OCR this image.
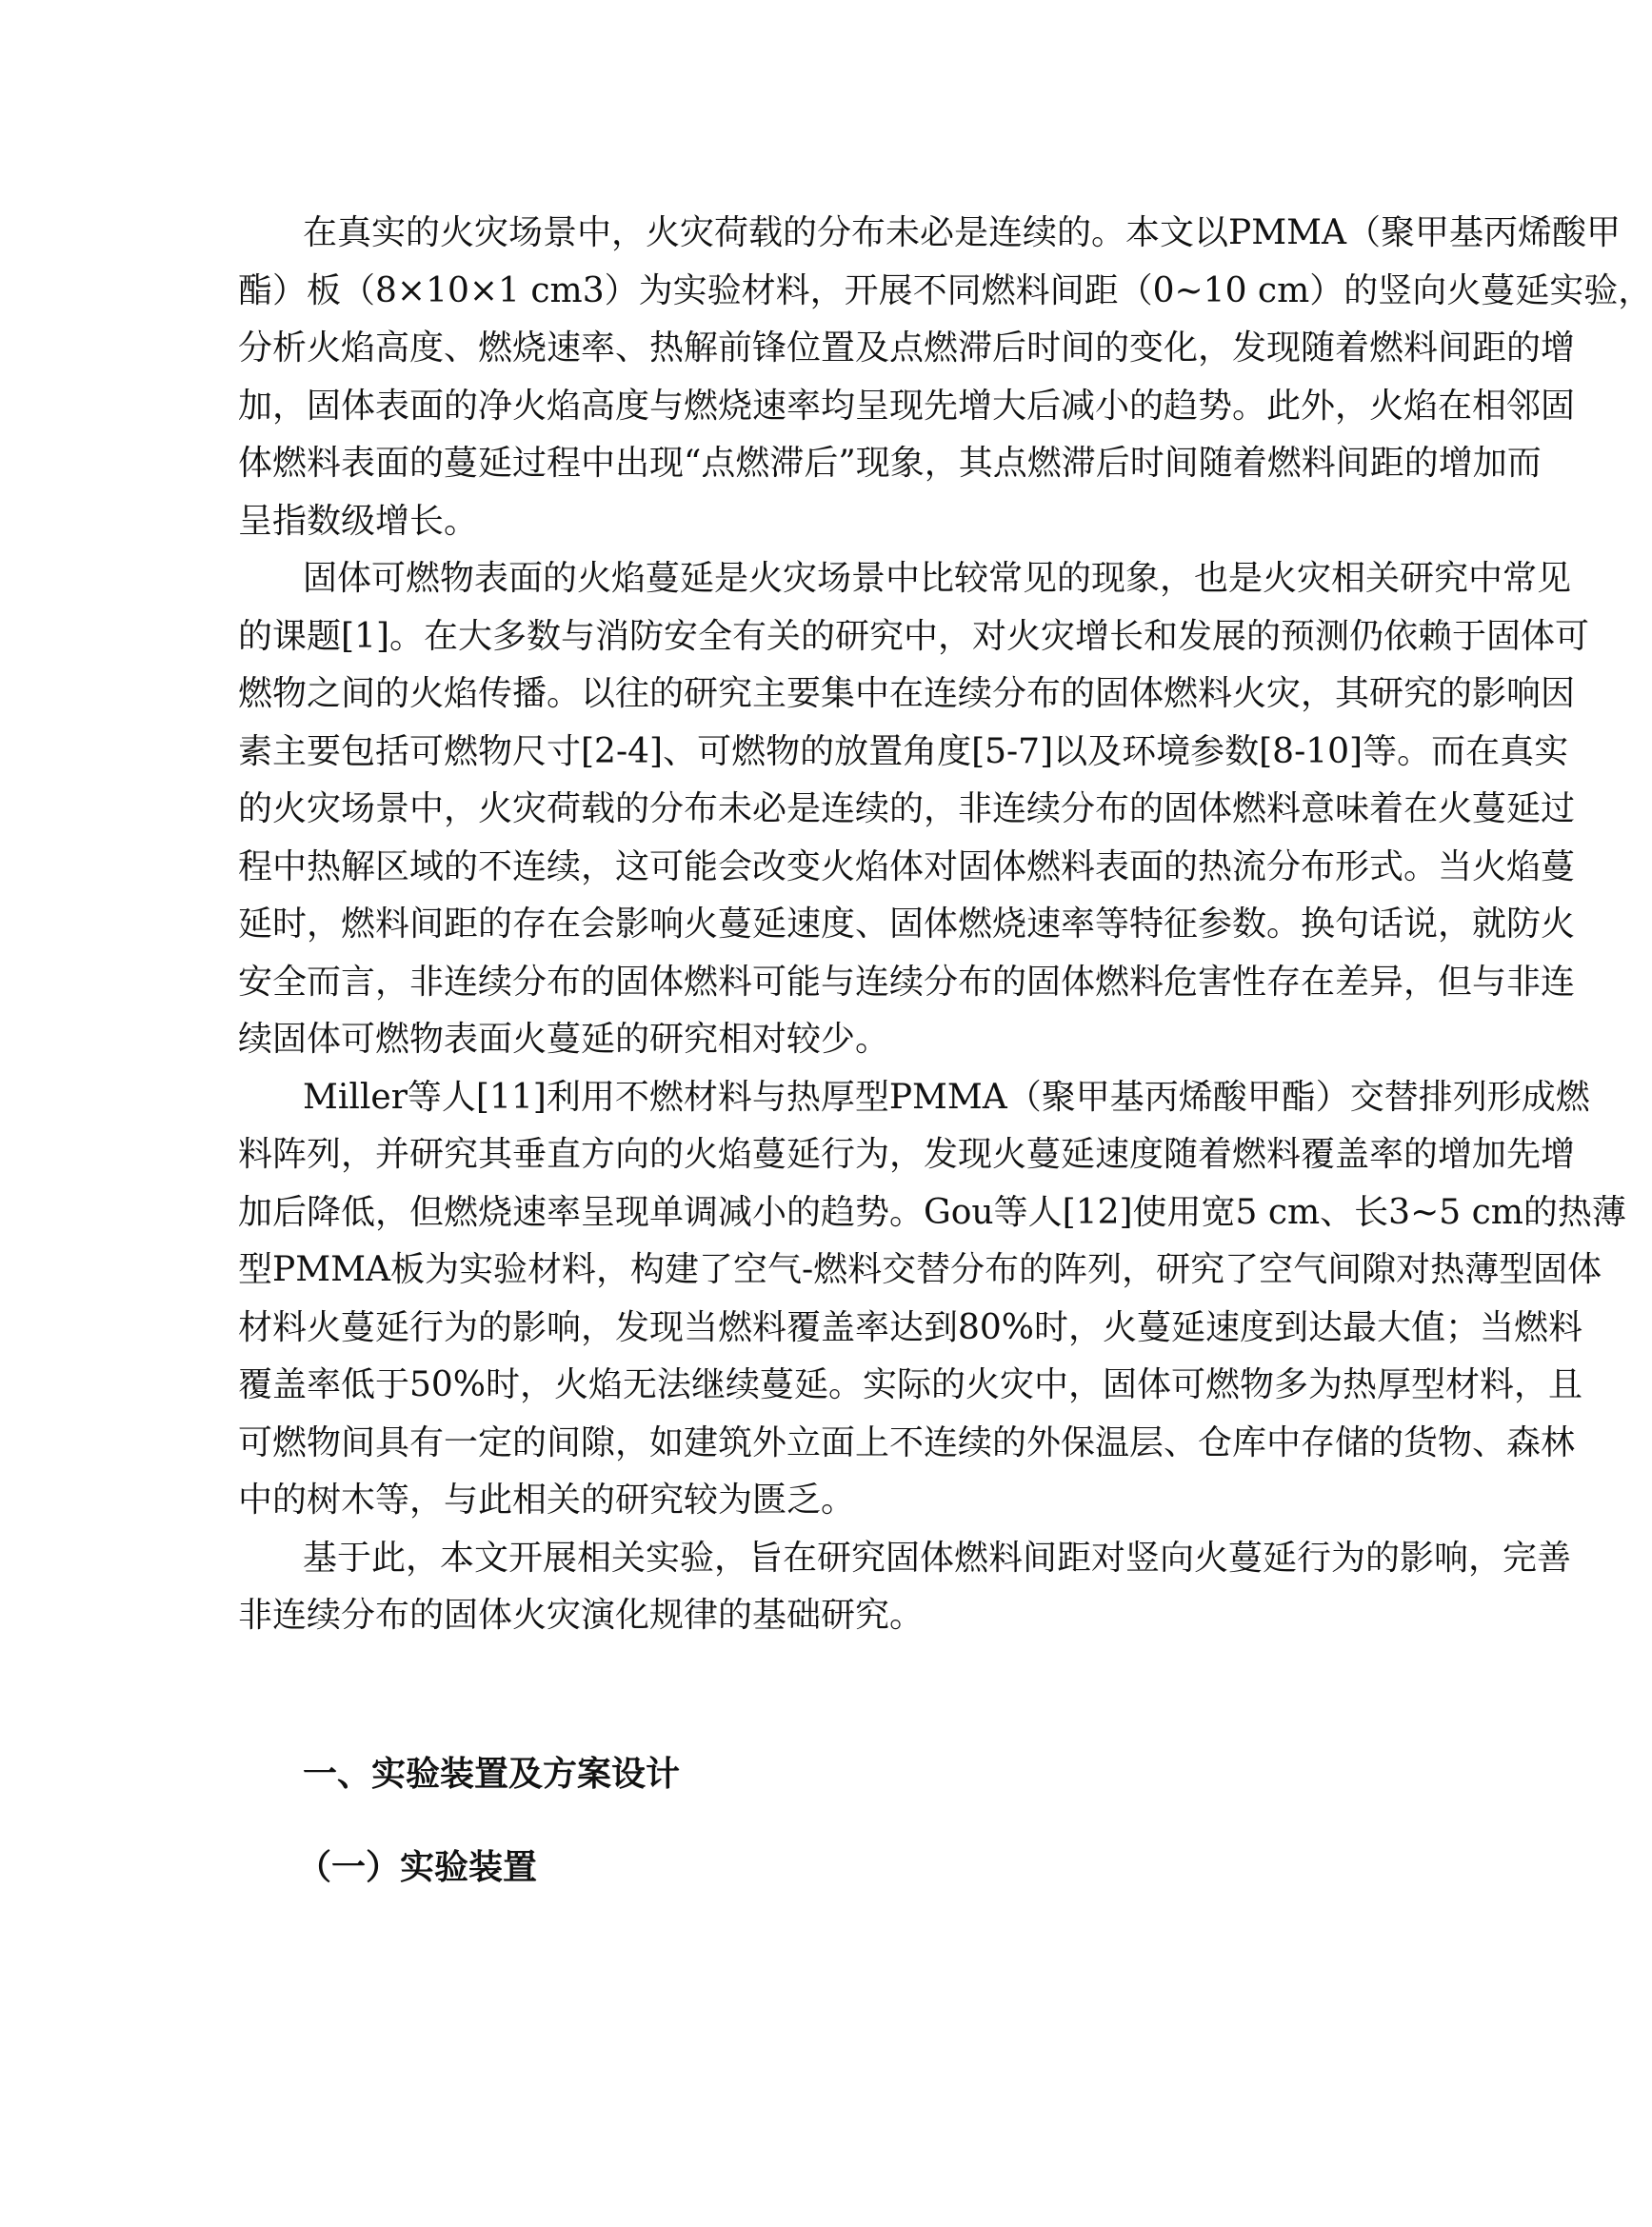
在真实的火灾场景中，火灾荷载的分布未必是连续的。本文以PMMA（聚甲基丙烯酸甲
酯）板（8×10×1 cm3）为实验材料，开展不同燃料间距（0~10 cm）的竖向火蔓延实验，
分析火焰高度、燃烧速率、热解前锋位置及点燃滞后时间的变化，发现随着燃料间距的增
加，固体表面的净火焰高度与燃烧速率均呈现先增大后减小的趋势。此外，火焰在相邻固
体燃料表面的蔓延过程中出现“点燃滞后”现象，其点燃滞后时间随着燃料间距的增加而
呈指数级增长。
固体可燃物表面的火焰蔓延是火灾场景中比较常见的现象，也是火灾相关研究中常见
的课题[1]。在大多数与消防安全有关的研究中，对火灾增长和发展的预测仍依赖于固体可
燃物之间的火焰传播。以往的研究主要集中在连续分布的固体燃料火灾，其研究的影响因
素主要包括可燃物尺寸[2-4]、可燃物的放置角度[5-7]以及环境参数[8-10]等。而在真实
的火灾场景中，火灾荷载的分布未必是连续的，非连续分布的固体燃料意味着在火蔓延过
程中热解区域的不连续，这可能会改变火焰体对固体燃料表面的热流分布形式。当火焰蔓
延时，燃料间距的存在会影响火蔓延速度、固体燃烧速率等特征参数。换句话说，就防火
安全而言，非连续分布的固体燃料可能与连续分布的固体燃料危害性存在差异，但与非连
续固体可燃物表面火蔓延的研究相对较少。
Miller等人[11]利用不燃材料与热厚型PMMA（聚甲基丙烯酸甲酯）交替排列形成燃
料阵列，并研究其垂直方向的火焰蔓延行为，发现火蔓延速度随着燃料覆盖率的增加先增
加后降低，但燃烧速率呈现单调减小的趋势。Gou等人[12]使用宽5 cm、长3~5 cm的热薄
型PMMA板为实验材料，构建了空气-燃料交替分布的阵列，研究了空气间隙对热薄型固体
材料火蔓延行为的影响，发现当燃料覆盖率达到80%时，火蔓延速度到达最大值；当燃料
覆盖率低于50%时，火焰无法继续蔓延。实际的火灾中，固体可燃物多为热厚型材料，且
可燃物间具有一定的间隙，如建筑外立面上不连续的外保温层、仓库中存储的货物、森林
中的树木等，与此相关的研究较为匮乏。
基于此，本文开展相关实验，旨在研究固体燃料间距对竖向火蔓延行为的影响，完善
非连续分布的固体火灾演化规律的基础研究。
一、实验装置及方案设计
（一）实验装置
